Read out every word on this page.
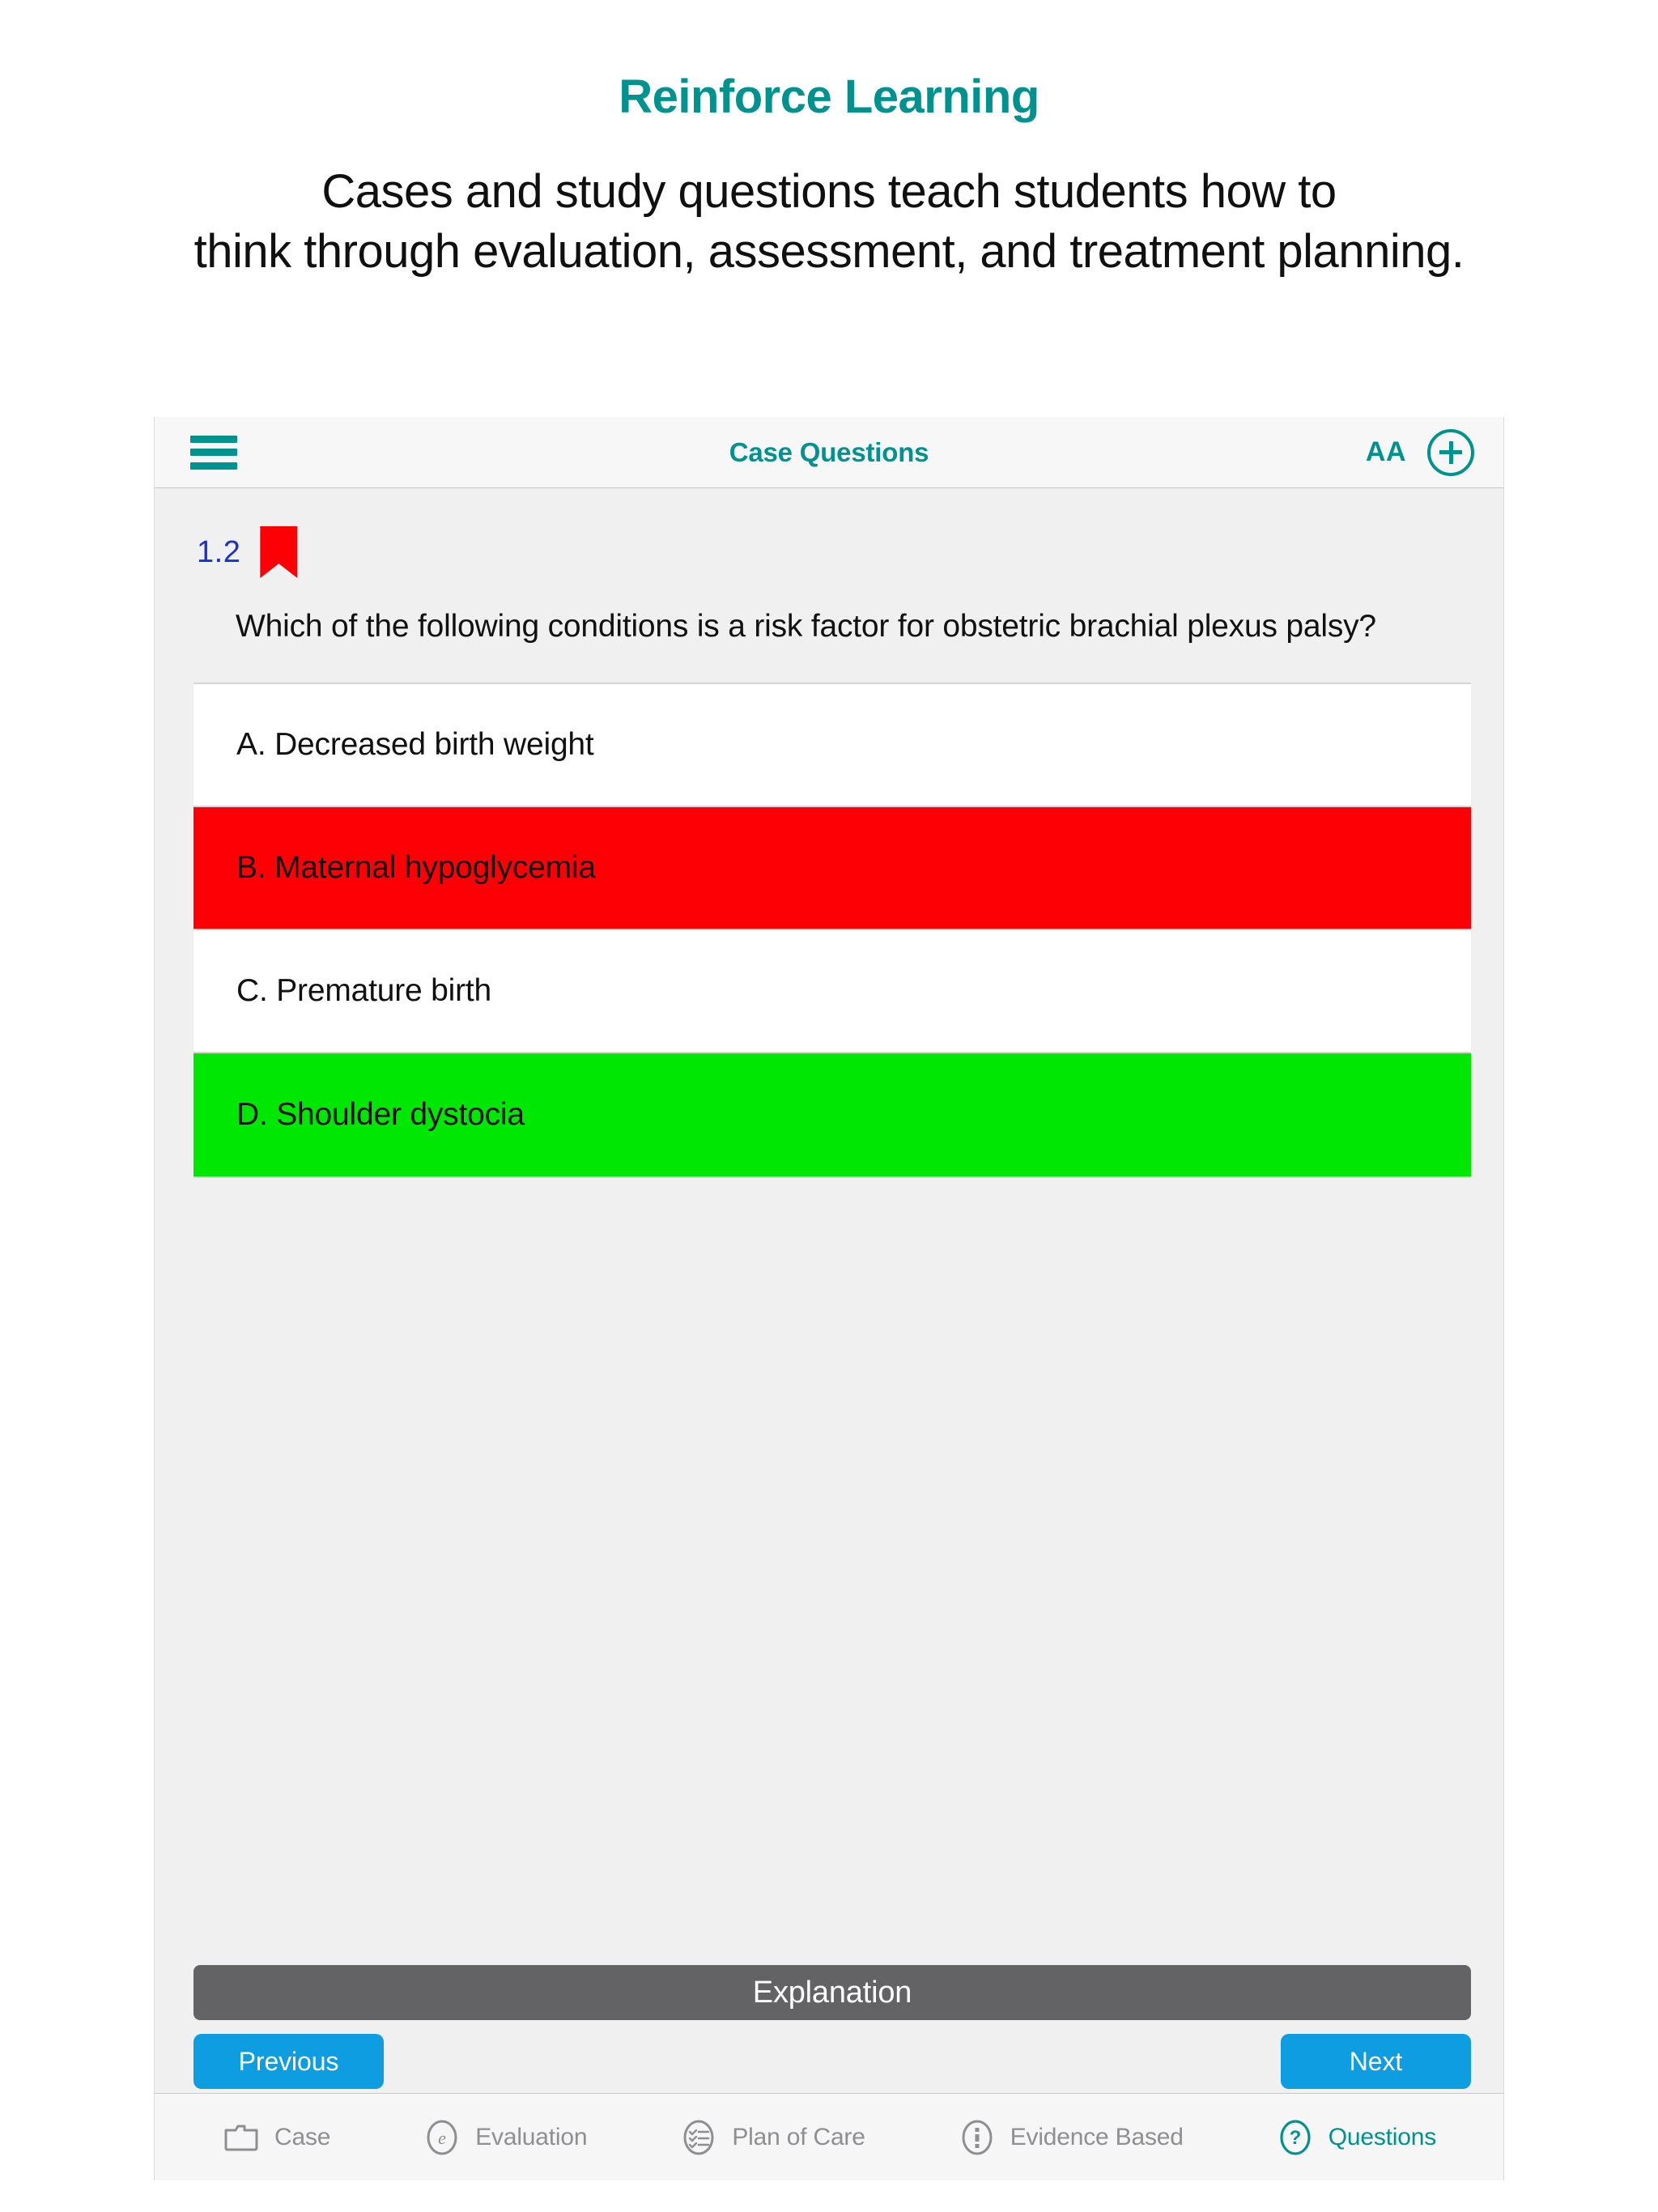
Reinforce Learning
Cases and study questions teach students how to
think through evaluation, assessment, and treatment planning.
Case Questions	AA
1.2
Which of the following conditions is a risk factor for obstetric brachial plexus palsy?
A. Decreased birth weight
B. Maternal hypoglycemia
C. Premature birth
D. Shoulder dystocia
Explanation
Previous	Next
Case	e Evaluation	Plan of Care	Evidence Based	? Questions
